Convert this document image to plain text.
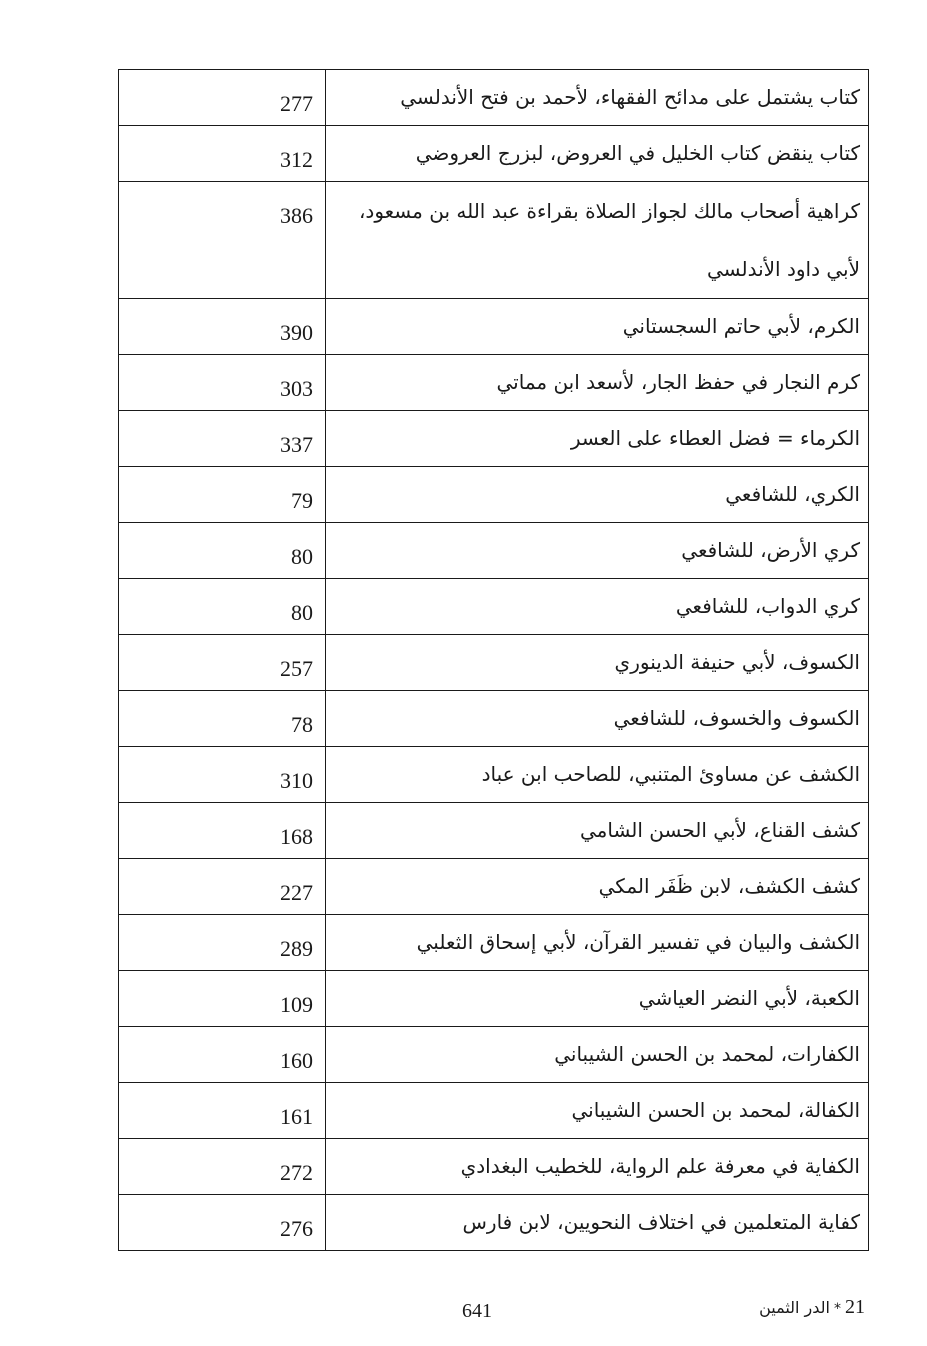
277	كتاب يشتمل على مدائح الفقهاء، لأحمد بن فتح الأندلسي
312	كتاب ينقض كتاب الخليل في العروض، لبزرج العروضي
386	كراهية أصحاب مالك لجواز الصلاة بقراءة عبد الله بن مسعود، لأبي داود الأندلسي
390	الكرم، لأبي حاتم السجستاني
303	كرم النجار في حفظ الجار، لأسعد ابن مماتي
337	الكرماء = فضل العطاء على العسر
79	الكري، للشافعي
80	كري الأرض، للشافعي
80	كري الدواب، للشافعي
257	الكسوف، لأبي حنيفة الدينوري
78	الكسوف والخسوف، للشافعي
310	الكشف عن مساوئ المتنبي، للصاحب ابن عباد
168	كشف القناع، لأبي الحسن الشامي
227	كشف الكشف، لابن ظَفَر المكي
289	الكشف والبيان في تفسير القرآن، لأبي إسحاق الثعلبي
109	الكعبة، لأبي النضر العياشي
160	الكفارات، لمحمد بن الحسن الشيباني
161	الكفالة، لمحمد بن الحسن الشيباني
272	الكفاية في معرفة علم الرواية، للخطيب البغدادي
276	كفاية المتعلمين في اختلاف النحويين، لابن فارس
641	21*الدر الثمين
